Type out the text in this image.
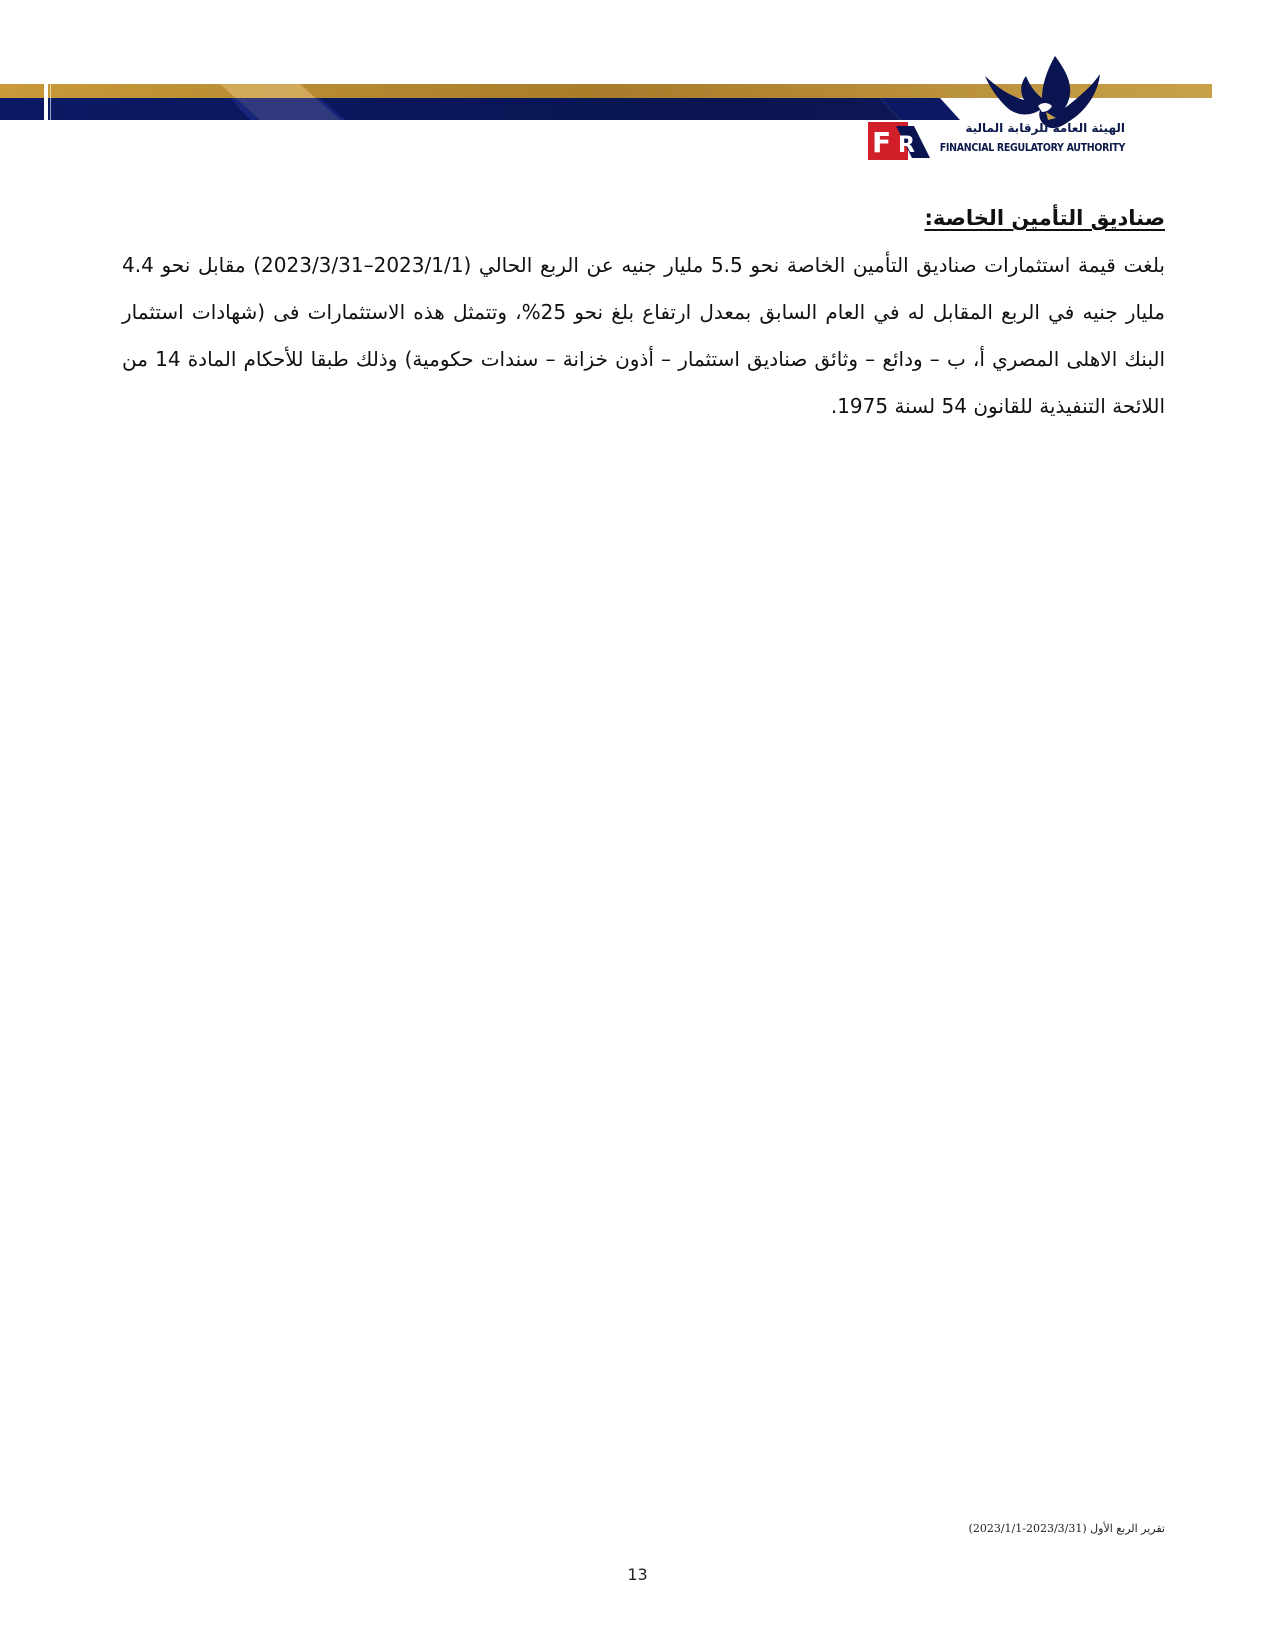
F R
الهيئة العامة للرقابة المالية
FINANCIAL REGULATORY AUTHORITY
صناديق التأمين الخاصة:

بلغت قيمة استثمارات صناديق التأمين الخاصة نحو 5.5 مليار جنيه عن الربع الحالي (2023/1/1–2023/3/31) مقابل نحو 4.4 مليار جنيه في الربع المقابل له في العام السابق بمعدل ارتفاع بلغ نحو 25%، وتتمثل هذه الاستثمارات فى (شهادات استثمار البنك الاهلى المصري أ، ب – ودائع – وثائق صناديق استثمار – أذون خزانة – سندات حكومية) وذلك طبقا للأحكام المادة 14 من اللائحة التنفيذية للقانون 54 لسنة 1975.

تقرير الربع الأول (2023/3/31-2023/1/1)
13
